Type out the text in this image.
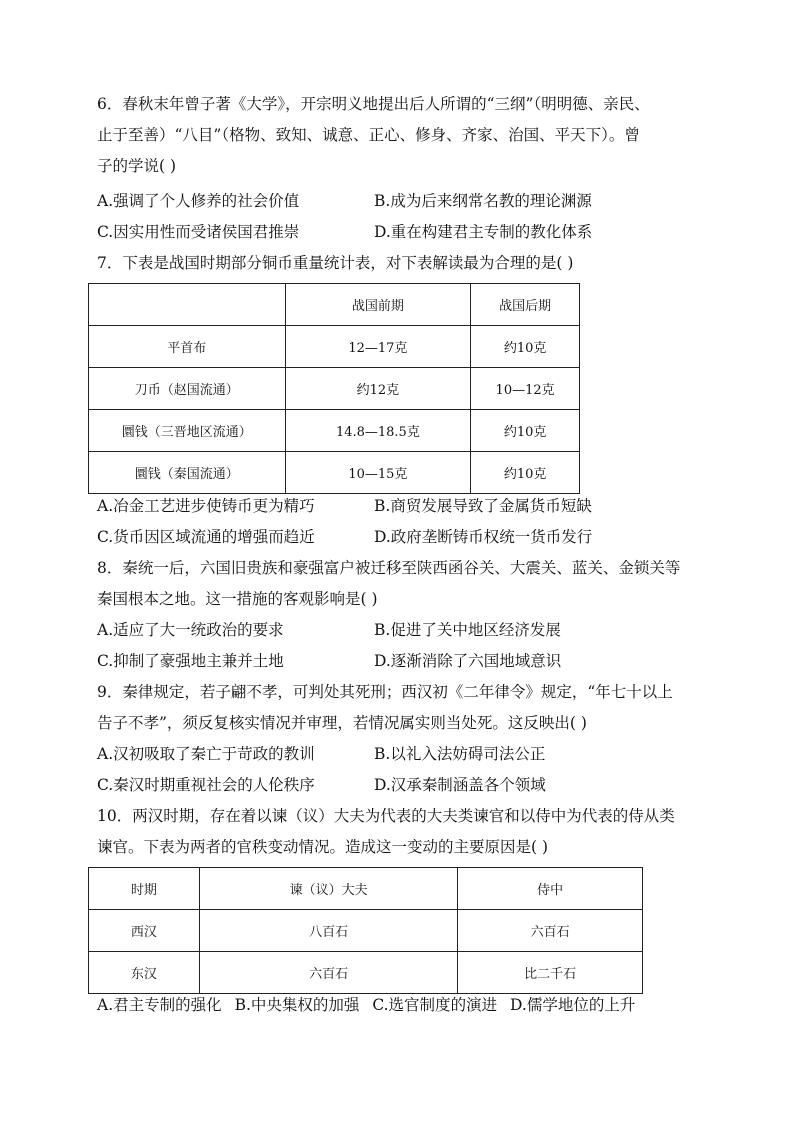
6．春秋末年曾子著《大学》，开宗明义地提出后人所谓的“三纲”（明明德、亲民、

止于至善）“八目”（格物、致知、诚意、正心、修身、齐家、治国、平天下）。曾

子的学说( )

A.强调了个人修养的社会价值	B.成为后来纲常名教的理论渊源
C.因实用性而受诸侯国君推崇	D.重在构建君主专制的教化体系

7．下表是战国时期部分铜币重量统计表，对下表解读最为合理的是( )

	战国前期	战国后期
平首布	12—17克	约10克
刀币（赵国流通）	约12克	10—12克
圜钱（三晋地区流通）	14.8—18.5克	约10克
圜钱（秦国流通）	10—15克	约10克
A.冶金工艺进步使铸币更为精巧	B.商贸发展导致了金属货币短缺
C.货币因区域流通的增强而趋近	D.政府垄断铸币权统一货币发行

8．秦统一后，六国旧贵族和豪强富户被迁移至陕西函谷关、大震关、蓝关、金锁关等

秦国根本之地。这一措施的客观影响是( )

A.适应了大一统政治的要求	B.促进了关中地区经济发展
C.抑制了豪强地主兼并土地	D.逐渐消除了六国地域意识

9．秦律规定，若子翩不孝，可判处其死刑；西汉初《二年律令》规定，“年七十以上

告子不孝”，须反复核实情况并审理，若情况属实则当处死。这反映出( )

A.汉初吸取了秦亡于苛政的教训	B.以礼入法妨碍司法公正
C.秦汉时期重视社会的人伦秩序	D.汉承秦制涵盖各个领域

10．两汉时期，存在着以谏（议）大夫为代表的大夫类谏官和以侍中为代表的侍从类

谏官。下表为两者的官秩变动情况。造成这一变动的主要原因是( )

时期	谏（议）大夫	侍中
西汉	八百石	六百石
东汉	六百石	比二千石
A.君主专制的强化 B.中央集权的加强 C.选官制度的演进 D.儒学地位的上升
